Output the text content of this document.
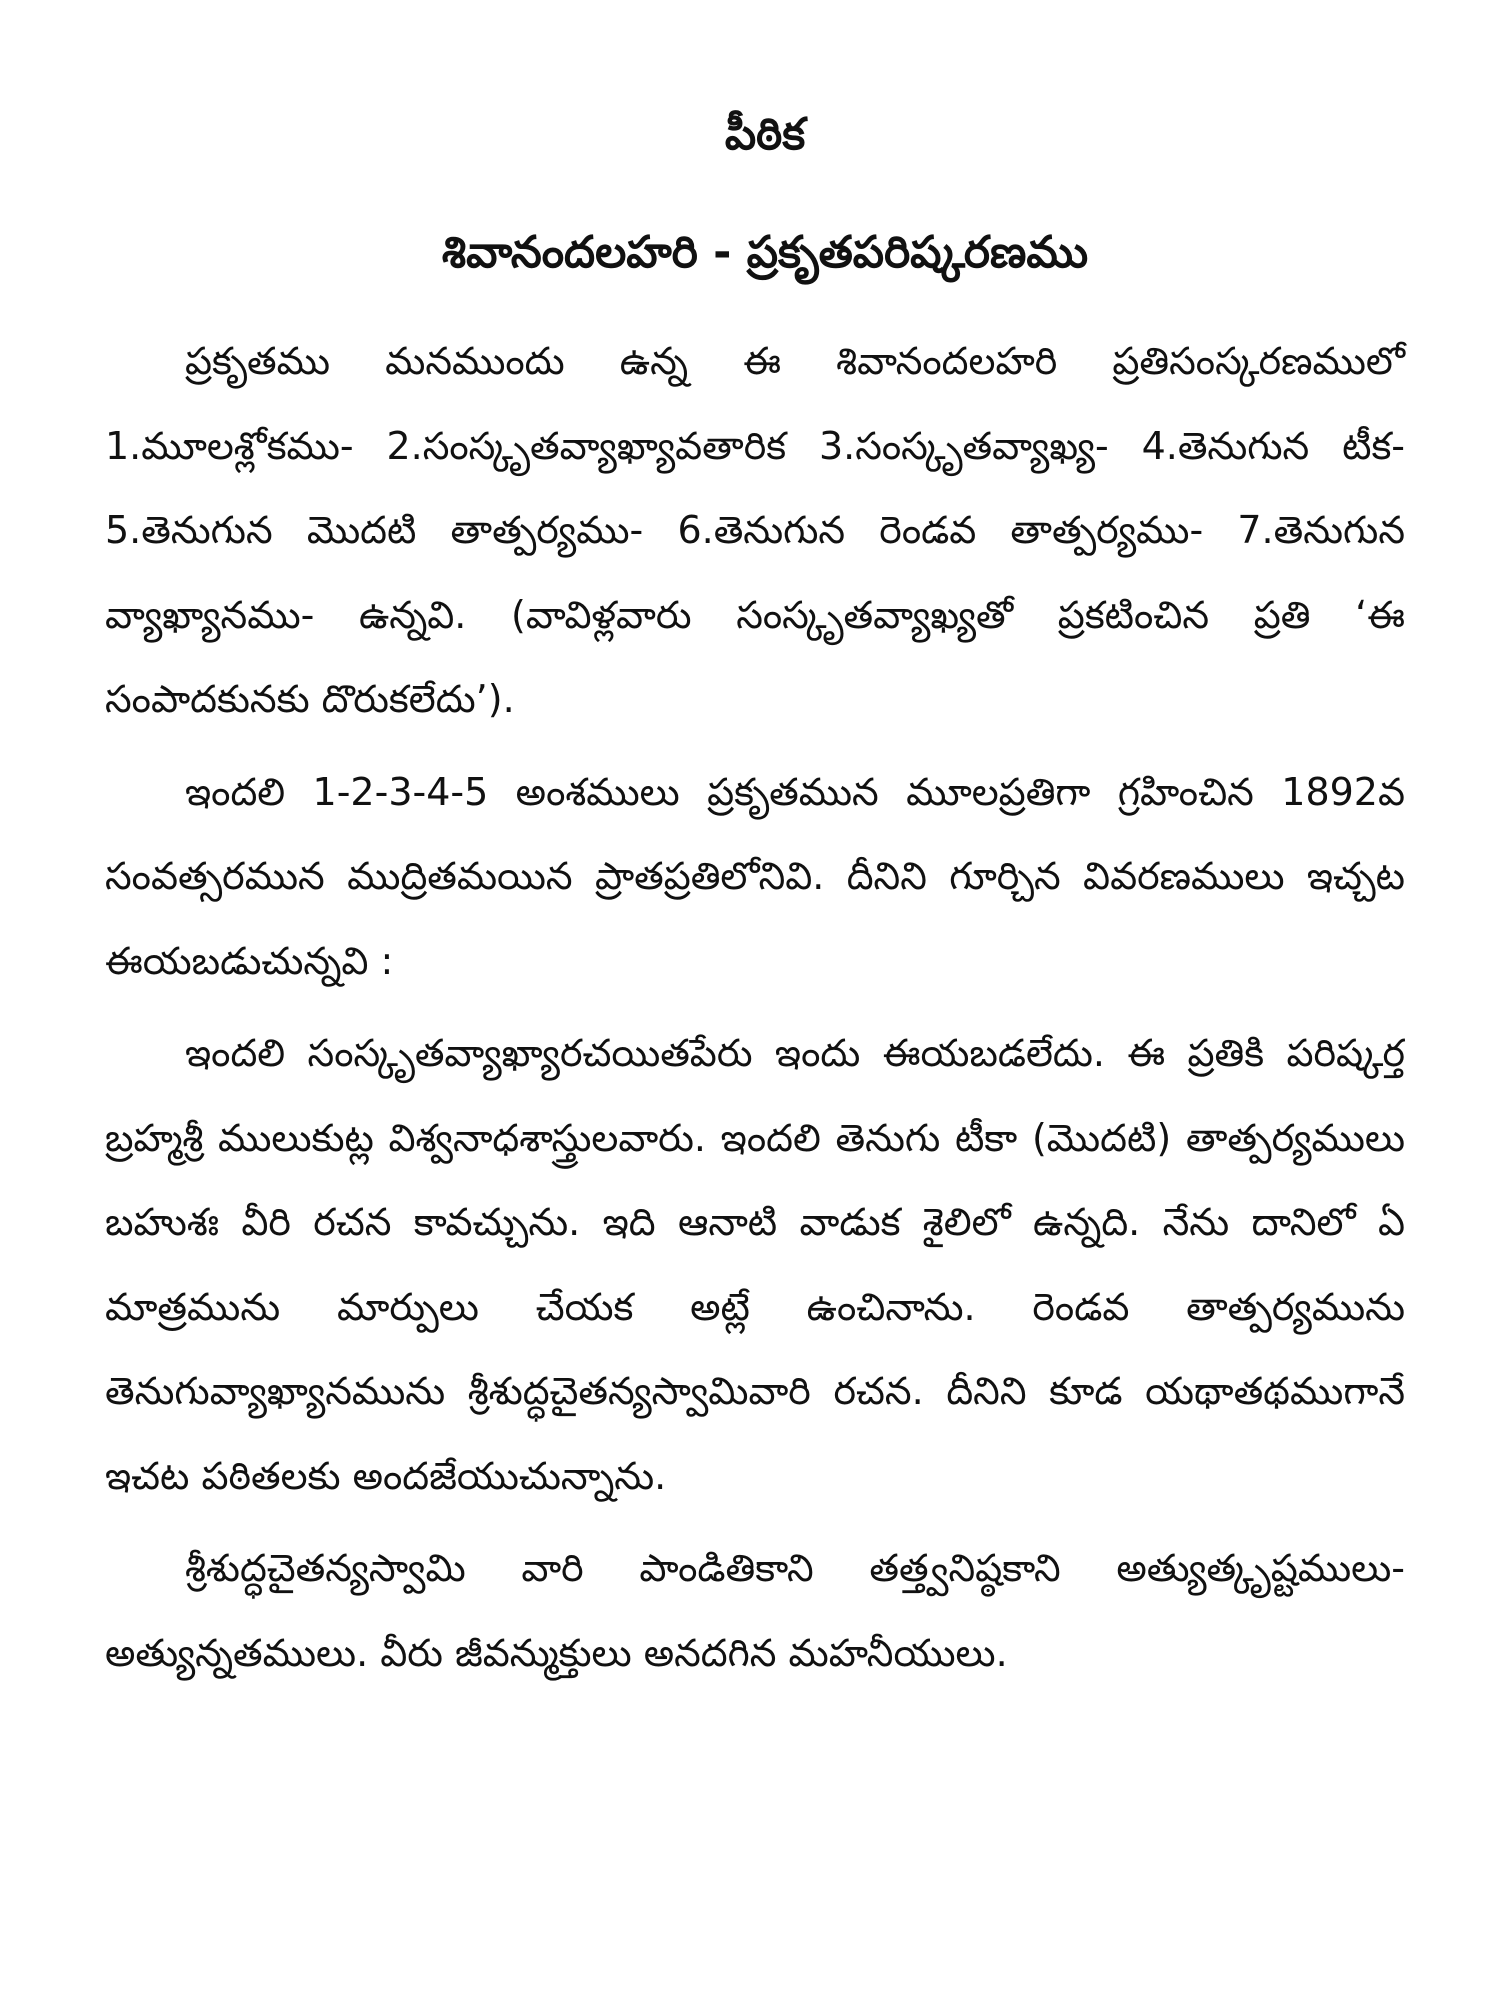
పీఠిక
శివానందలహరి - ప్రకృతపరిష్కరణము

ప్రకృతము మనముందు ఉన్న ఈ శివానందలహరి ప్రతిసంస్కరణములో 1.మూలశ్లోకము- 2.సంస్కృతవ్యాఖ్యావతారిక 3.సంస్కృతవ్యాఖ్య- 4.తెనుగున టీక- 5.తెనుగున మొదటి తాత్పర్యము- 6.తెనుగున రెండవ తాత్పర్యము- 7.తెనుగున వ్యాఖ్యానము- ఉన్నవి. (వావిళ్లవారు సంస్కృతవ్యాఖ్యతో ప్రకటించిన ప్రతి ‘ఈ సంపాదకునకు దొరుకలేదు’).

ఇందలి 1-2-3-4-5 అంశములు ప్రకృతమున మూలప్రతిగా గ్రహించిన 1892వ సంవత్సరమున ముద్రితమయిన ప్రాతప్రతిలోనివి. దీనిని గూర్చిన వివరణములు ఇచ్చట ఈయబడుచున్నవి :

ఇందలి సంస్కృతవ్యాఖ్యారచయితపేరు ఇందు ఈయబడలేదు. ఈ ప్రతికి పరిష్కర్త బ్రహ్మశ్రీ ములుకుట్ల విశ్వనాధశాస్త్రులవారు. ఇందలి తెనుగు టీకా (మొదటి) తాత్పర్యములు బహుశః వీరి రచన కావచ్చును. ఇది ఆనాటి వాడుక శైలిలో ఉన్నది. నేను దానిలో ఏ మాత్రమును మార్పులు చేయక అట్లే ఉంచినాను. రెండవ తాత్పర్యమును తెనుగువ్యాఖ్యానమును శ్రీశుద్ధచైతన్యస్వామివారి రచన. దీనిని కూడ యథాతథముగానే ఇచట పఠితలకు అందజేయుచున్నాను.

శ్రీశుద్ధచైతన్యస్వామి వారి పాండితికాని తత్త్వనిష్ఠకాని అత్యుత్కృష్టములు- అత్యున్నతములు. వీరు జీవన్ముక్తులు అనదగిన మహనీయులు.
